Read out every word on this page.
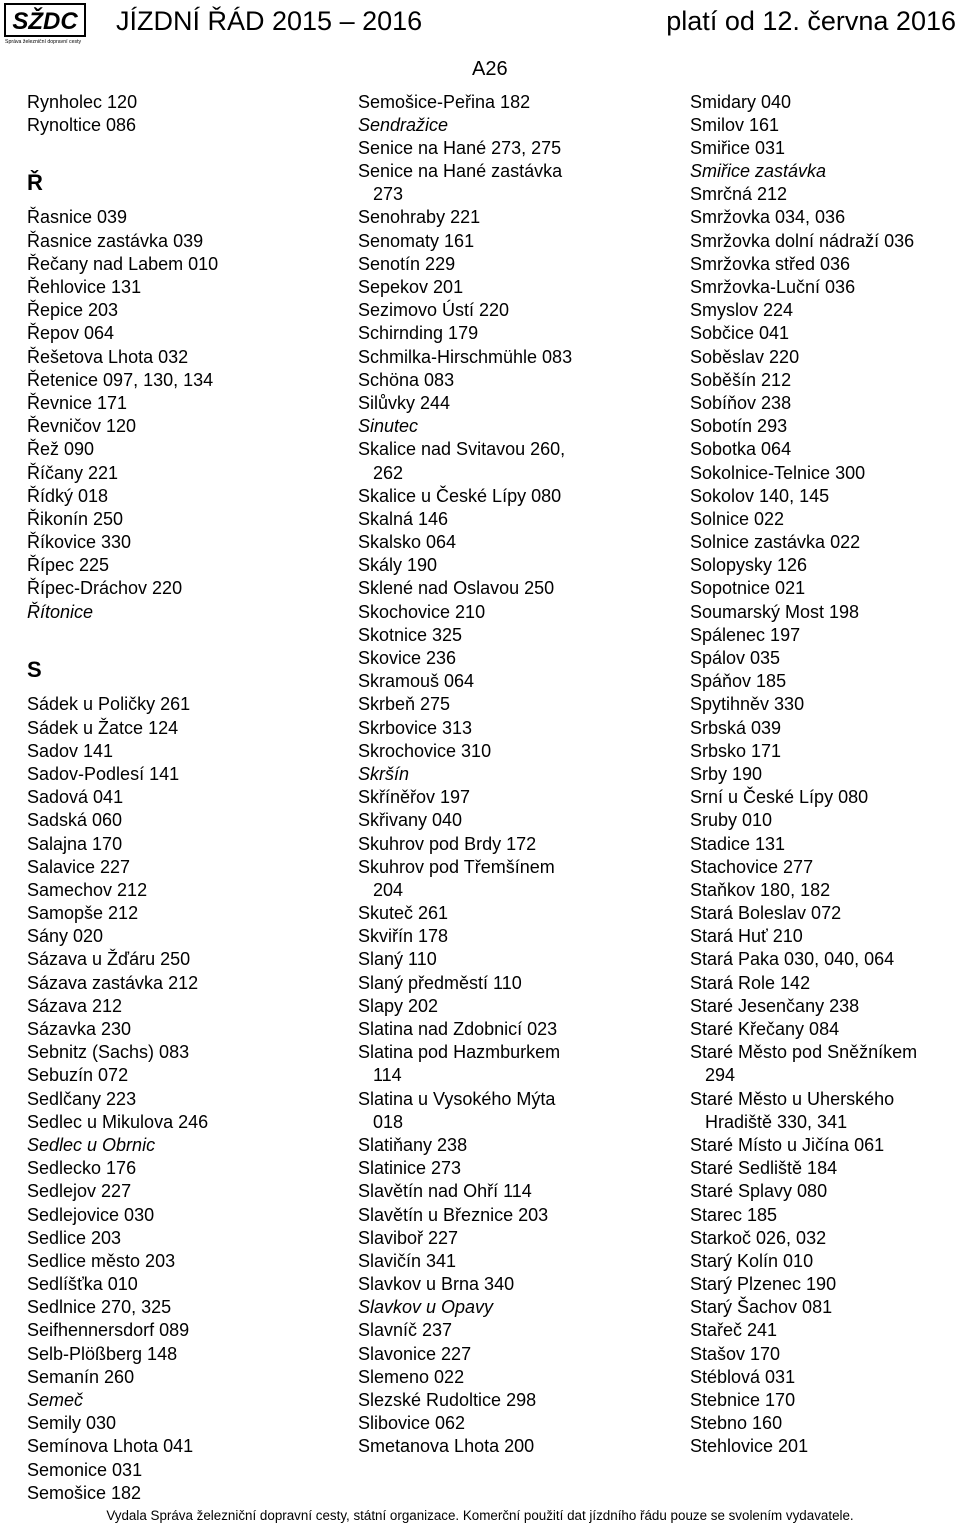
SŽDC
Správa železniční dopravní cesty
JÍZDNÍ ŘÁD 2015 – 2016	platí od 12. června 2016
A26
Rynholec 120
Rynoltice 086
Ř
Řasnice 039
Řasnice zastávka 039
Řečany nad Labem 010
Řehlovice 131
Řepice 203
Řepov 064
Řešetova Lhota 032
Řetenice 097, 130, 134
Řevnice 171
Řevničov 120
Řež 090
Říčany 221
Řídký 018
Řikonín 250
Říkovice 330
Řípec 225
Řípec-Dráchov 220
Řítonice
S
Sádek u Poličky 261
Sádek u Žatce 124
Sadov 141
Sadov-Podlesí 141
Sadová 041
Sadská 060
Salajna 170
Salavice 227
Samechov 212
Samopše 212
Sány 020
Sázava u Žďáru 250
Sázava zastávka 212
Sázava 212
Sázavka 230
Sebnitz (Sachs) 083
Sebuzín 072
Sedlčany 223
Sedlec u Mikulova 246
Sedlec u Obrnic
Sedlecko 176
Sedlejov 227
Sedlejovice 030
Sedlice 203
Sedlice město 203
Sedlíšťka 010
Sedlnice 270, 325
Seifhennersdorf 089
Selb-Plößberg 148
Semanín 260
Semeč
Semily 030
Semínova Lhota 041
Semonice 031
Semošice 182
Semošice-Peřina 182
Sendražice
Senice na Hané 273, 275
Senice na Hané zastávka
273
Senohraby 221
Senomaty 161
Senotín 229
Sepekov 201
Sezimovo Ústí 220
Schirnding 179
Schmilka-Hirschmühle 083
Schöna 083
Silůvky 244
Sinutec
Skalice nad Svitavou 260,
262
Skalice u České Lípy 080
Skalná 146
Skalsko 064
Skály 190
Sklené nad Oslavou 250
Skochovice 210
Skotnice 325
Skovice 236
Skramouš 064
Skrbeň 275
Skrbovice 313
Skrochovice 310
Skršín
Skříněřov 197
Skřivany 040
Skuhrov pod Brdy 172
Skuhrov pod Třemšínem
204
Skuteč 261
Skviřín 178
Slaný 110
Slaný předměstí 110
Slapy 202
Slatina nad Zdobnicí 023
Slatina pod Hazmburkem
114
Slatina u Vysokého Mýta
018
Slatiňany 238
Slatinice 273
Slavětín nad Ohří 114
Slavětín u Březnice 203
Slaviboř 227
Slavičín 341
Slavkov u Brna 340
Slavkov u Opavy
Slavníč 237
Slavonice 227
Slemeno 022
Slezské Rudoltice 298
Slibovice 062
Smetanova Lhota 200
Smidary 040
Smilov 161
Smiřice 031
Smiřice zastávka
Smrčná 212
Smržovka 034, 036
Smržovka dolní nádraží 036
Smržovka střed 036
Smržovka-Luční 036
Smyslov 224
Sobčice 041
Soběslav 220
Soběšín 212
Sobíňov 238
Sobotín 293
Sobotka 064
Sokolnice-Telnice 300
Sokolov 140, 145
Solnice 022
Solnice zastávka 022
Solopysky 126
Sopotnice 021
Soumarský Most 198
Spálenec 197
Spálov 035
Spáňov 185
Spytihněv 330
Srbská 039
Srbsko 171
Srby 190
Srní u České Lípy 080
Sruby 010
Stadice 131
Stachovice 277
Staňkov 180, 182
Stará Boleslav 072
Stará Huť 210
Stará Paka 030, 040, 064
Stará Role 142
Staré Jesenčany 238
Staré Křečany 084
Staré Město pod Sněžníkem
294
Staré Město u Uherského
Hradiště 330, 341
Staré Místo u Jičína 061
Staré Sedliště 184
Staré Splavy 080
Starec 185
Starkoč 026, 032
Starý Kolín 010
Starý Plzenec 190
Starý Šachov 081
Stařeč 241
Stašov 170
Stéblová 031
Stebnice 170
Stebno 160
Stehlovice 201
Vydala Správa železniční dopravní cesty, státní organizace. Komerční použití dat jízdního řádu pouze se svolením vydavatele.
